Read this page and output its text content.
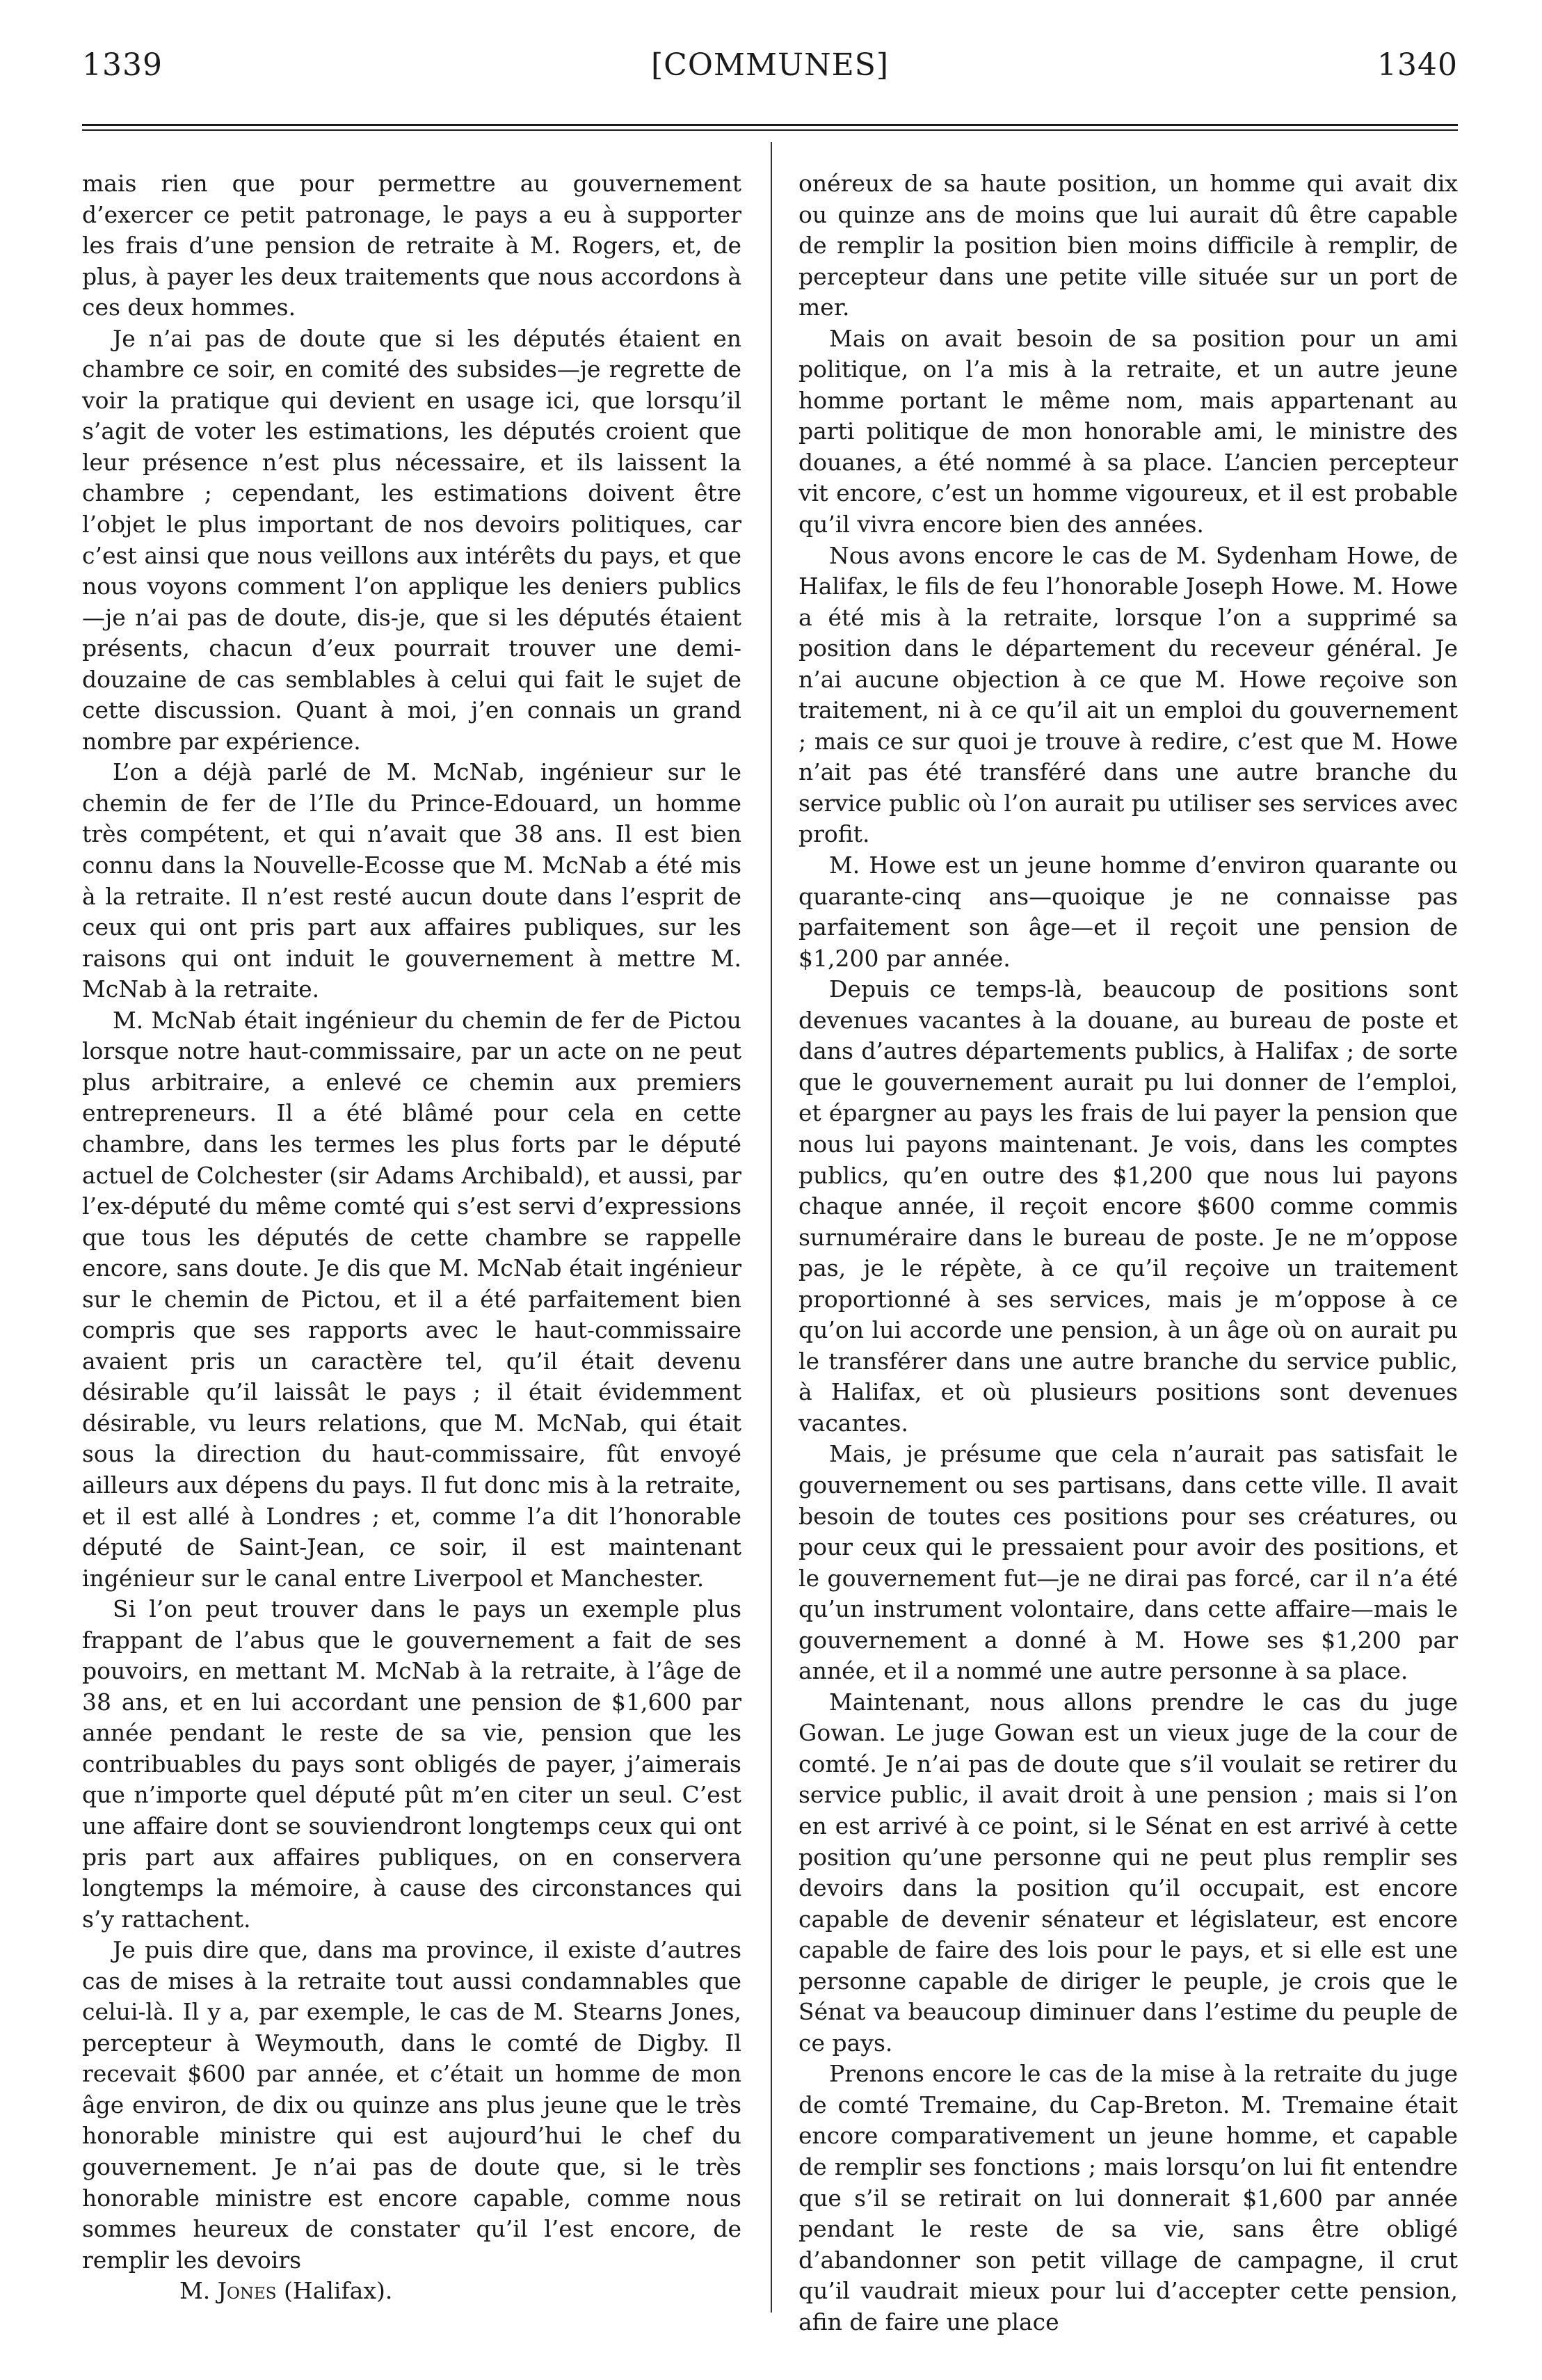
1339	[COMMUNES]	1340

mais rien que pour permettre au gouvernement d’exercer ce petit patronage, le pays a eu à supporter les frais d’une pension de retraite à M. Rogers, et, de plus, à payer les deux traitements que nous accordons à ces deux hommes.

Je n’ai pas de doute que si les députés étaient en chambre ce soir, en comité des subsides—je regrette de voir la pratique qui devient en usage ici, que lorsqu’il s’agit de voter les estimations, les députés croient que leur présence n’est plus nécessaire, et ils laissent la chambre ; cependant, les estimations doivent être l’objet le plus important de nos devoirs politiques, car c’est ainsi que nous veillons aux intérêts du pays, et que nous voyons comment l’on applique les deniers publics—je n’ai pas de doute, dis-je, que si les députés étaient présents, chacun d’eux pourrait trouver une demi-douzaine de cas semblables à celui qui fait le sujet de cette discussion. Quant à moi, j’en connais un grand nombre par expérience.

L’on a déjà parlé de M. McNab, ingénieur sur le chemin de fer de l’Ile du Prince-Edouard, un homme très compétent, et qui n’avait que 38 ans. Il est bien connu dans la Nouvelle-Ecosse que M. McNab a été mis à la retraite. Il n’est resté aucun doute dans l’esprit de ceux qui ont pris part aux affaires publiques, sur les raisons qui ont induit le gouvernement à mettre M. McNab à la retraite.

M. McNab était ingénieur du chemin de fer de Pictou lorsque notre haut-commissaire, par un acte on ne peut plus arbitraire, a enlevé ce chemin aux premiers entrepreneurs. Il a été blâmé pour cela en cette chambre, dans les termes les plus forts par le député actuel de Colchester (sir Adams Archibald), et aussi, par l’ex-député du même comté qui s’est servi d’expressions que tous les députés de cette chambre se rappelle encore, sans doute. Je dis que M. McNab était ingénieur sur le chemin de Pictou, et il a été parfaitement bien compris que ses rapports avec le haut-commissaire avaient pris un caractère tel, qu’il était devenu désirable qu’il laissât le pays ; il était évidemment désirable, vu leurs relations, que M. McNab, qui était sous la direction du haut-commissaire, fût envoyé ailleurs aux dépens du pays. Il fut donc mis à la retraite, et il est allé à Londres ; et, comme l’a dit l’honorable député de Saint-Jean, ce soir, il est maintenant ingénieur sur le canal entre Liverpool et Manchester.

Si l’on peut trouver dans le pays un exemple plus frappant de l’abus que le gouvernement a fait de ses pouvoirs, en mettant M. McNab à la retraite, à l’âge de 38 ans, et en lui accordant une pension de $1,600 par année pendant le reste de sa vie, pension que les contribuables du pays sont obligés de payer, j’aimerais que n’importe quel député pût m’en citer un seul. C’est une affaire dont se souviendront longtemps ceux qui ont pris part aux affaires publiques, on en conservera longtemps la mémoire, à cause des circonstances qui s’y rattachent.

Je puis dire que, dans ma province, il existe d’autres cas de mises à la retraite tout aussi condamnables que celui-là. Il y a, par exemple, le cas de M. Stearns Jones, percepteur à Weymouth, dans le comté de Digby. Il recevait $600 par année, et c’était un homme de mon âge environ, de dix ou quinze ans plus jeune que le très honorable ministre qui est aujourd’hui le chef du gouvernement. Je n’ai pas de doute que, si le très honorable ministre est encore capable, comme nous sommes heureux de constater qu’il l’est encore, de remplir les devoirs

M. Jones (Halifax).

onéreux de sa haute position, un homme qui avait dix ou quinze ans de moins que lui aurait dû être capable de remplir la position bien moins difficile à remplir, de percepteur dans une petite ville située sur un port de mer.

Mais on avait besoin de sa position pour un ami politique, on l’a mis à la retraite, et un autre jeune homme portant le même nom, mais appartenant au parti politique de mon honorable ami, le ministre des douanes, a été nommé à sa place. L’ancien percepteur vit encore, c’est un homme vigoureux, et il est probable qu’il vivra encore bien des années.

Nous avons encore le cas de M. Sydenham Howe, de Halifax, le fils de feu l’honorable Joseph Howe. M. Howe a été mis à la retraite, lorsque l’on a supprimé sa position dans le département du receveur général. Je n’ai aucune objection à ce que M. Howe reçoive son traitement, ni à ce qu’il ait un emploi du gouvernement ; mais ce sur quoi je trouve à redire, c’est que M. Howe n’ait pas été transféré dans une autre branche du service public où l’on aurait pu utiliser ses services avec profit.

M. Howe est un jeune homme d’environ quarante ou quarante-cinq ans—quoique je ne connaisse pas parfaitement son âge—et il reçoit une pension de $1,200 par année.

Depuis ce temps-là, beaucoup de positions sont devenues vacantes à la douane, au bureau de poste et dans d’autres départements publics, à Halifax ; de sorte que le gouvernement aurait pu lui donner de l’emploi, et épargner au pays les frais de lui payer la pension que nous lui payons maintenant. Je vois, dans les comptes publics, qu’en outre des $1,200 que nous lui payons chaque année, il reçoit encore $600 comme commis surnuméraire dans le bureau de poste. Je ne m’oppose pas, je le répète, à ce qu’il reçoive un traitement proportionné à ses services, mais je m’oppose à ce qu’on lui accorde une pension, à un âge où on aurait pu le transférer dans une autre branche du service public, à Halifax, et où plusieurs positions sont devenues vacantes.

Mais, je présume que cela n’aurait pas satisfait le gouvernement ou ses partisans, dans cette ville. Il avait besoin de toutes ces positions pour ses créatures, ou pour ceux qui le pressaient pour avoir des positions, et le gouvernement fut—je ne dirai pas forcé, car il n’a été qu’un instrument volontaire, dans cette affaire—mais le gouvernement a donné à M. Howe ses $1,200 par année, et il a nommé une autre personne à sa place.

Maintenant, nous allons prendre le cas du juge Gowan. Le juge Gowan est un vieux juge de la cour de comté. Je n’ai pas de doute que s’il voulait se retirer du service public, il avait droit à une pension ; mais si l’on en est arrivé à ce point, si le Sénat en est arrivé à cette position qu’une personne qui ne peut plus remplir ses devoirs dans la position qu’il occupait, est encore capable de devenir sénateur et législateur, est encore capable de faire des lois pour le pays, et si elle est une personne capable de diriger le peuple, je crois que le Sénat va beaucoup diminuer dans l’estime du peuple de ce pays.

Prenons encore le cas de la mise à la retraite du juge de comté Tremaine, du Cap-Breton. M. Tremaine était encore comparativement un jeune homme, et capable de remplir ses fonctions ; mais lorsqu’on lui fit entendre que s’il se retirait on lui donnerait $1,600 par année pendant le reste de sa vie, sans être obligé d’abandonner son petit village de campagne, il crut qu’il vaudrait mieux pour lui d’accepter cette pension, afin de faire une place
